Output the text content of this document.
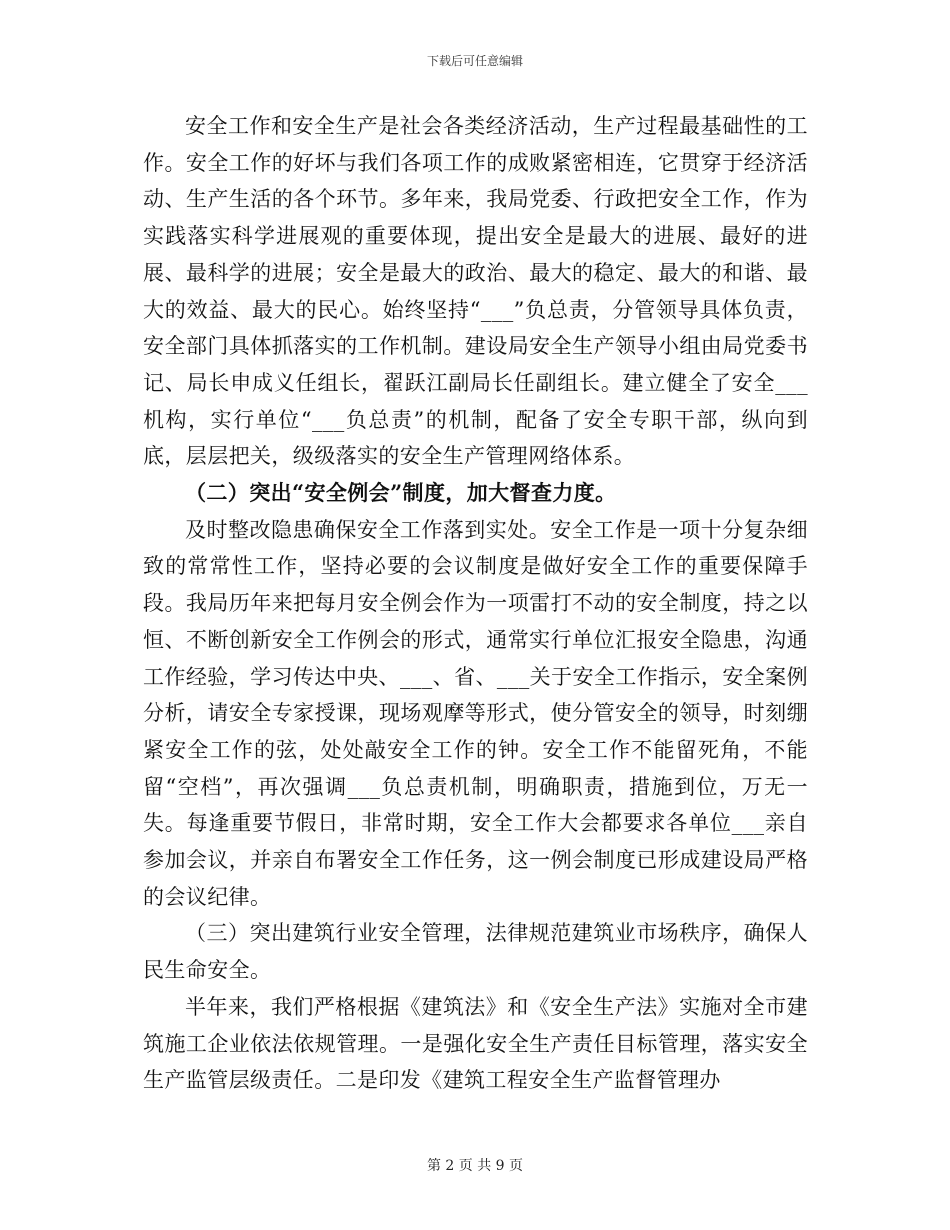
下载后可任意编辑

安全工作和安全生产是社会各类经济活动，生产过程最基础性的工作。安全工作的好坏与我们各项工作的成败紧密相连，它贯穿于经济活动、生产生活的各个环节。多年来，我局党委、行政把安全工作，作为实践落实科学进展观的重要体现，提出安全是最大的进展、最好的进展、最科学的进展；安全是最大的政治、最大的稳定、最大的和谐、最大的效益、最大的民心。始终坚持“___”负总责，分管领导具体负责，安全部门具体抓落实的工作机制。建设局安全生产领导小组由局党委书记、局长申成义任组长，翟跃江副局长任副组长。建立健全了安全___机构，实行单位“___负总责”的机制，配备了安全专职干部，纵向到底，层层把关，级级落实的安全生产管理网络体系。

（二）突出“安全例会”制度，加大督查力度。

及时整改隐患确保安全工作落到实处。安全工作是一项十分复杂细致的常常性工作，坚持必要的会议制度是做好安全工作的重要保障手段。我局历年来把每月安全例会作为一项雷打不动的安全制度，持之以恒、不断创新安全工作例会的形式，通常实行单位汇报安全隐患，沟通工作经验，学习传达中央、___、省、___关于安全工作指示，安全案例分析，请安全专家授课，现场观摩等形式，使分管安全的领导，时刻绷紧安全工作的弦，处处敲安全工作的钟。安全工作不能留死角，不能留“空档”，再次强调___负总责机制，明确职责，措施到位，万无一失。每逢重要节假日，非常时期，安全工作大会都要求各单位___亲自参加会议，并亲自布署安全工作任务，这一例会制度已形成建设局严格的会议纪律。

（三）突出建筑行业安全管理，法律规范建筑业市场秩序，确保人民生命安全。

半年来，我们严格根据《建筑法》和《安全生产法》实施对全市建筑施工企业依法依规管理。一是强化安全生产责任目标管理，落实安全生产监管层级责任。二是印发《建筑工程安全生产监督管理办

第 2 页 共 9 页
